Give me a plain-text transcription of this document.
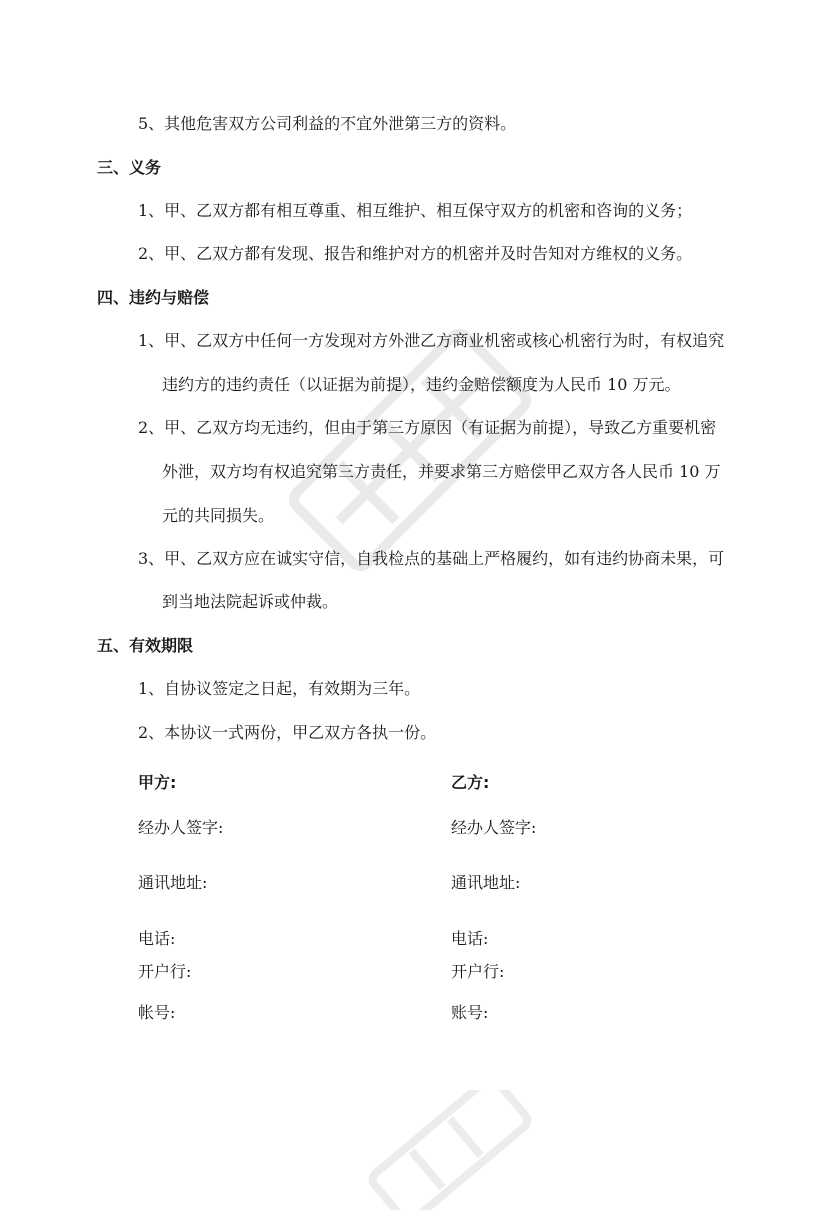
5、其他危害双方公司利益的不宜外泄第三方的资料。
三、义务
1、甲、乙双方都有相互尊重、相互维护、相互保守双方的机密和咨询的义务；
2、甲、乙双方都有发现、报告和维护对方的机密并及时告知对方维权的义务。
四、违约与赔偿
1、甲、乙双方中任何一方发现对方外泄乙方商业机密或核心机密行为时，有权追究
违约方的违约责任（以证据为前提），违约金赔偿额度为人民币 10 万元。
2、甲、乙双方均无违约，但由于第三方原因（有证据为前提），导致乙方重要机密
外泄，双方均有权追究第三方责任，并要求第三方赔偿甲乙双方各人民币 10 万
元的共同损失。
3、甲、乙双方应在诚实守信，自我检点的基础上严格履约，如有违约协商未果，可
到当地法院起诉或仲裁。
五、有效期限
1、自协议签定之日起，有效期为三年。
2、本协议一式两份，甲乙双方各执一份。
甲方:
经办人签字:
通讯地址:
电话:
开户行:
帐号:
乙方:
经办人签字:
通讯地址:
电话:
开户行:
账号:
